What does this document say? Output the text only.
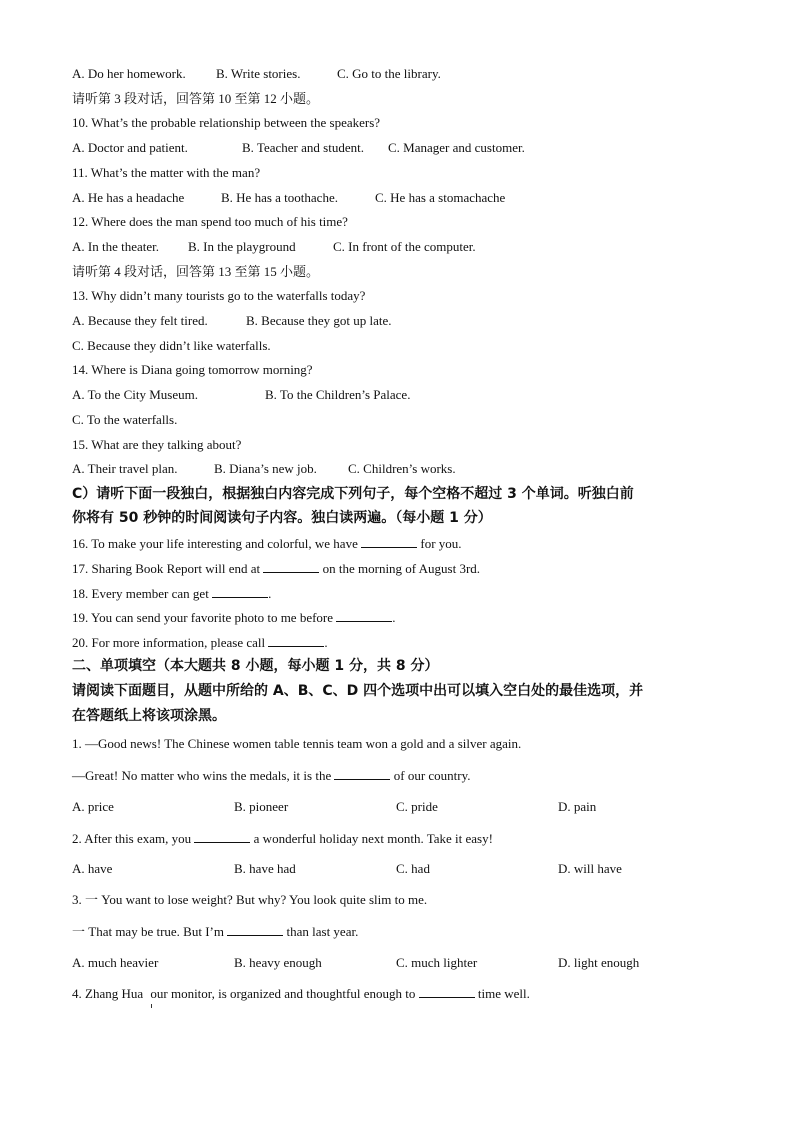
A. Do her homework. B. Write stories.	C. Go to the library.
请听第 3 段对话，回答第 10 至第 12 小题。
10. What’s the probable relationship between the speakers?
A. Doctor and patient.	B. Teacher and student. C. Manager and customer.
11. What’s the matter with the man?
A. He has a headache	B. He has a toothache.	C. He has a stomachache
12. Where does the man spend too much of his time?
A. In the theater. B. In the playground	C. In front of the computer.
请听第 4 段对话，回答第 13 至第 15 小题。
13. Why didn’t many tourists go to the waterfalls today?
A. Because they felt tired.	B. Because they got up late.
C. Because they didn’t like waterfalls.
14. Where is Diana going tomorrow morning?
A. To the City Museum.	B. To the Children’s Palace.
C. To the waterfalls.
15. What are they talking about?
A. Their travel plan.	B. Diana’s new job. C. Children’s works.
C）请听下面一段独白，根据独白内容完成下列句子，每个空格不超过 3 个单词。听独白前
你将有 50 秒钟的时间阅读句子内容。独白读两遍。（每小题 1 分）
16. To make your life interesting and colorful, we have	for you.
17. Sharing Book Report will end at	on the morning of August 3rd.
18. Every member can get	.
19. You can send your favorite photo to me before	.
20. For more information, please call	.
二、单项填空（本大题共 8 小题，每小题 1 分，共 8 分）
请阅读下面题目，从题中所给的 A、B、C、D 四个选项中出可以填入空白处的最佳选项，并
在答题纸上将该项涂黑。
1. —Good news! The Chinese women table tennis team won a gold and a silver again.
—Great! No matter who wins the medals, it is the	of our country.
A. price	B. pioneer	C. pride	D. pain
2. After this exam, you	a wonderful holiday next month. Take it easy!
A. have	B. have had	C. had	D. will have
3. 一 You want to lose weight? But why? You look quite slim to me.
一 That may be true. But I’m	than last year.
A. much heavier	B. heavy enough	C. much lighter	D. light enough
4. Zhang Hua our monitor, is organized and thoughtful enough to	time well.
